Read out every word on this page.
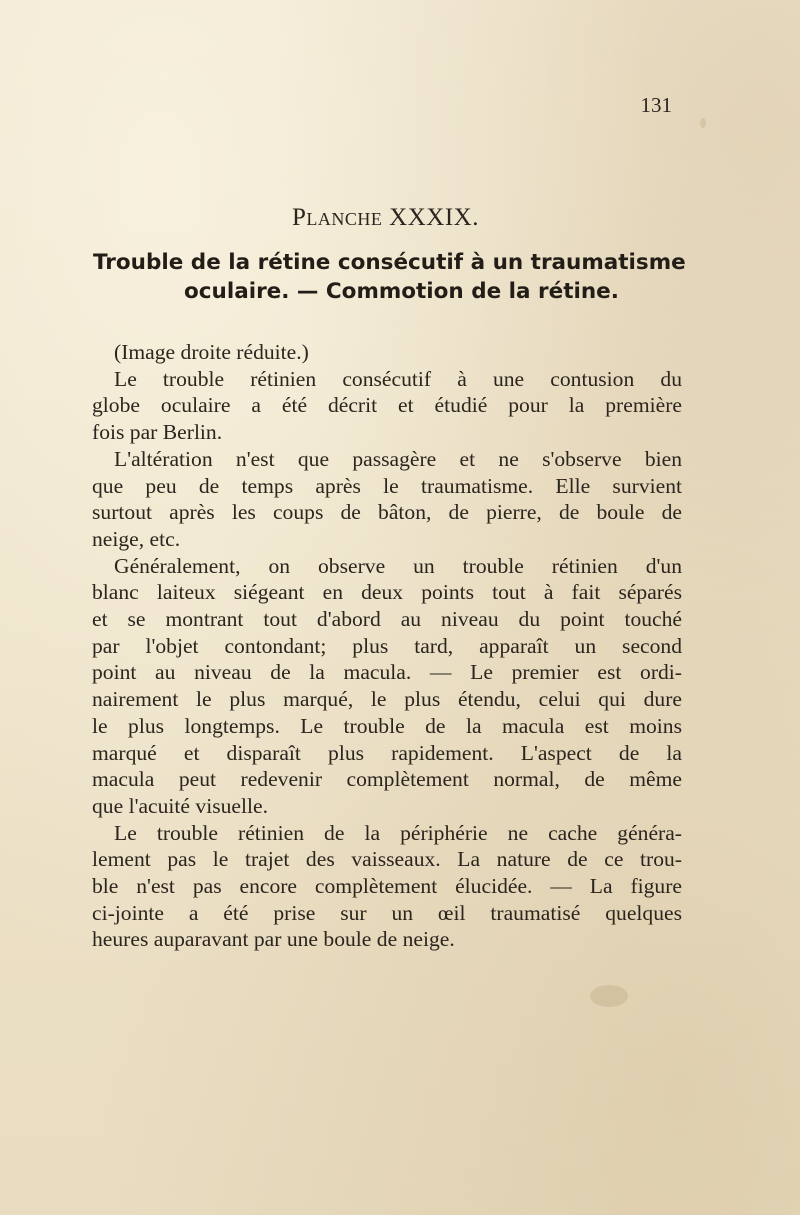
131
Planche XXXIX.
Trouble de la rétine consécutif à un traumatisme
oculaire. — Commotion de la rétine.
(Image droite réduite.)
Le trouble rétinien consécutif à une contusion du
globe oculaire a été décrit et étudié pour la première
fois par Berlin.
L'altération n'est que passagère et ne s'observe bien
que peu de temps après le traumatisme. Elle survient
surtout après les coups de bâton, de pierre, de boule de
neige, etc.
Généralement, on observe un trouble rétinien d'un
blanc laiteux siégeant en deux points tout à fait séparés
et se montrant tout d'abord au niveau du point touché
par l'objet contondant; plus tard, apparaît un second
point au niveau de la macula. — Le premier est ordi-
nairement le plus marqué, le plus étendu, celui qui dure
le plus longtemps. Le trouble de la macula est moins
marqué et disparaît plus rapidement. L'aspect de la
macula peut redevenir complètement normal, de même
que l'acuité visuelle.
Le trouble rétinien de la périphérie ne cache généra-
lement pas le trajet des vaisseaux. La nature de ce trou-
ble n'est pas encore complètement élucidée. — La figure
ci-jointe a été prise sur un œil traumatisé quelques
heures auparavant par une boule de neige.
